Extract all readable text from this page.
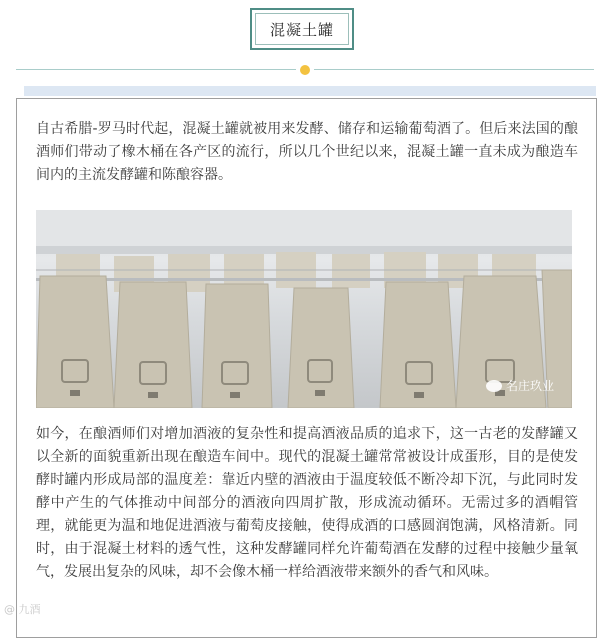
混凝土罐

自古希腊-罗马时代起，混凝土罐就被用来发酵、储存和运输葡萄酒了。但后来法国的酿酒师们带动了橡木桶在各产区的流行，所以几个世纪以来，混凝土罐一直未成为酿造车间内的主流发酵罐和陈酿容器。

名庄玖业

如今，在酿酒师们对增加酒液的复杂性和提高酒液品质的追求下，这一古老的发酵罐又以全新的面貌重新出现在酿造车间中。现代的混凝土罐常常被设计成蛋形，目的是使发酵时罐内形成局部的温度差：靠近内壁的酒液由于温度较低不断冷却下沉，与此同时发酵中产生的气体推动中间部分的酒液向四周扩散，形成流动循环。无需过多的酒帽管理，就能更为温和地促进酒液与葡萄皮接触，使得成酒的口感圆润饱满，风格清新。同时，由于混凝土材料的透气性，这种发酵罐同样允许葡萄酒在发酵的过程中接触少量氧气，发展出复杂的风味，却不会像木桶一样给酒液带来额外的香气和风味。

@ 九酒
